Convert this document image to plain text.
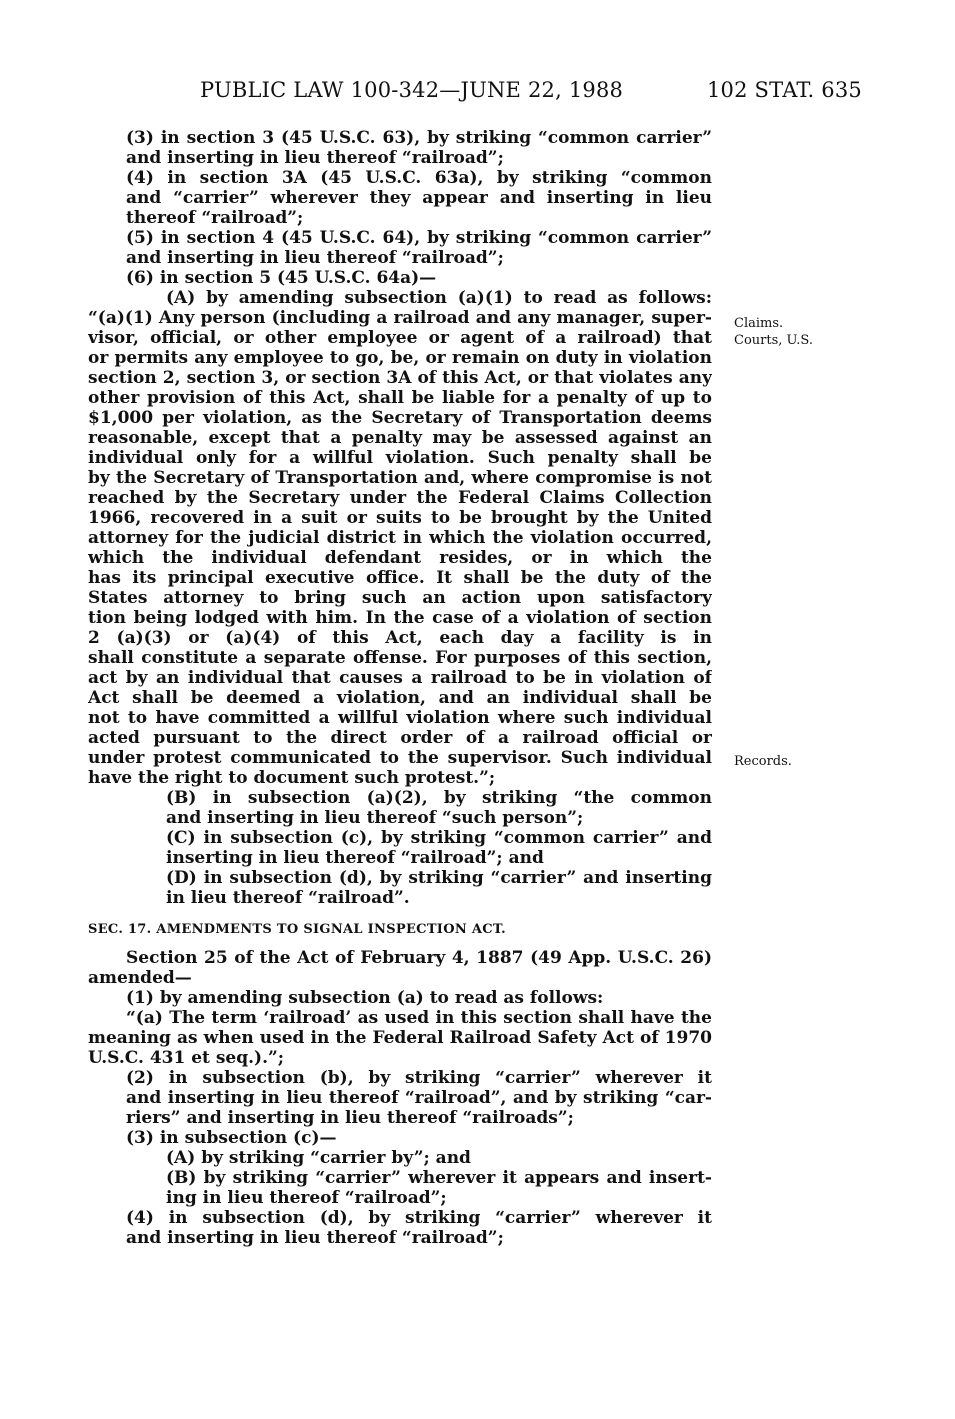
PUBLIC LAW 100-342—JUNE 22, 1988	102 STAT. 635
Claims.
Courts, U.S.
Records.
(3) in section 3 (45 U.S.C. 63), by striking “common carrier”
and inserting in lieu thereof “railroad”;
(4) in section 3A (45 U.S.C. 63a), by striking “common
and “carrier” wherever they appear and inserting in lieu
thereof “railroad”;
(5) in section 4 (45 U.S.C. 64), by striking “common carrier”
and inserting in lieu thereof “railroad”;
(6) in section 5 (45 U.S.C. 64a)—
(A) by amending subsection (a)(1) to read as follows:
“(a)(1) Any person (including a railroad and any manager, super-
visor, official, or other employee or agent of a railroad) that
or permits any employee to go, be, or remain on duty in violation
section 2, section 3, or section 3A of this Act, or that violates any
other provision of this Act, shall be liable for a penalty of up to
$1,000 per violation, as the Secretary of Transportation deems
reasonable, except that a penalty may be assessed against an
individual only for a willful violation. Such penalty shall be
by the Secretary of Transportation and, where compromise is not
reached by the Secretary under the Federal Claims Collection
1966, recovered in a suit or suits to be brought by the United
attorney for the judicial district in which the violation occurred,
which the individual defendant resides, or in which the
has its principal executive office. It shall be the duty of the
States attorney to bring such an action upon satisfactory
tion being lodged with him. In the case of a violation of section
2 (a)(3) or (a)(4) of this Act, each day a facility is in
shall constitute a separate offense. For purposes of this section,
act by an individual that causes a railroad to be in violation of
Act shall be deemed a violation, and an individual shall be
not to have committed a willful violation where such individual
acted pursuant to the direct order of a railroad official or
under protest communicated to the supervisor. Such individual
have the right to document such protest.”;
(B) in subsection (a)(2), by striking “the common
and inserting in lieu thereof “such person”;
(C) in subsection (c), by striking “common carrier” and
inserting in lieu thereof “railroad”; and
(D) in subsection (d), by striking “carrier” and inserting
in lieu thereof “railroad”.
SEC. 17. AMENDMENTS TO SIGNAL INSPECTION ACT.
Section 25 of the Act of February 4, 1887 (49 App. U.S.C. 26)
amended—
(1) by amending subsection (a) to read as follows:
“(a) The term ‘railroad’ as used in this section shall have the
meaning as when used in the Federal Railroad Safety Act of 1970
U.S.C. 431 et seq.).”;
(2) in subsection (b), by striking “carrier” wherever it
and inserting in lieu thereof “railroad”, and by striking “car-
riers” and inserting in lieu thereof “railroads”;
(3) in subsection (c)—
(A) by striking “carrier by”; and
(B) by striking “carrier” wherever it appears and insert-
ing in lieu thereof “railroad”;
(4) in subsection (d), by striking “carrier” wherever it
and inserting in lieu thereof “railroad”;
